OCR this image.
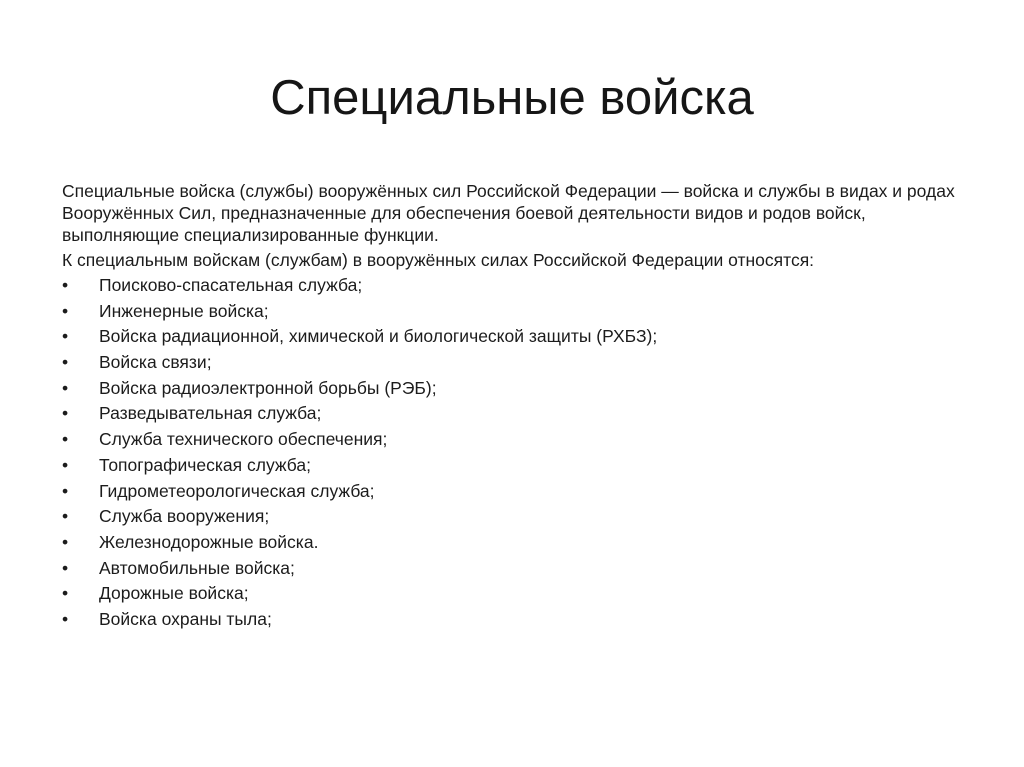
Специальные войска

Специальные войска (службы) вооружённых сил Российской Федерации — войска и службы в видах и родах Вооружённых Сил, предназначенные для обеспечения боевой деятельности видов и родов войск, выполняющие специализированные функции.

К специальным войскам (службам) в вооружённых силах Российской Федерации относятся:

•	Поисково-спасательная служба;
•	Инженерные войска;
•	Войска радиационной, химической и биологической защиты (РХБЗ);
•	Войска связи;
•	Войска радиоэлектронной борьбы (РЭБ);
•	Разведывательная служба;
•	Служба технического обеспечения;
•	Топографическая служба;
•	Гидрометеорологическая служба;
•	Служба вооружения;
•	Железнодорожные войска.
•	Автомобильные войска;
•	Дорожные войска;
•	Войска охраны тыла;
